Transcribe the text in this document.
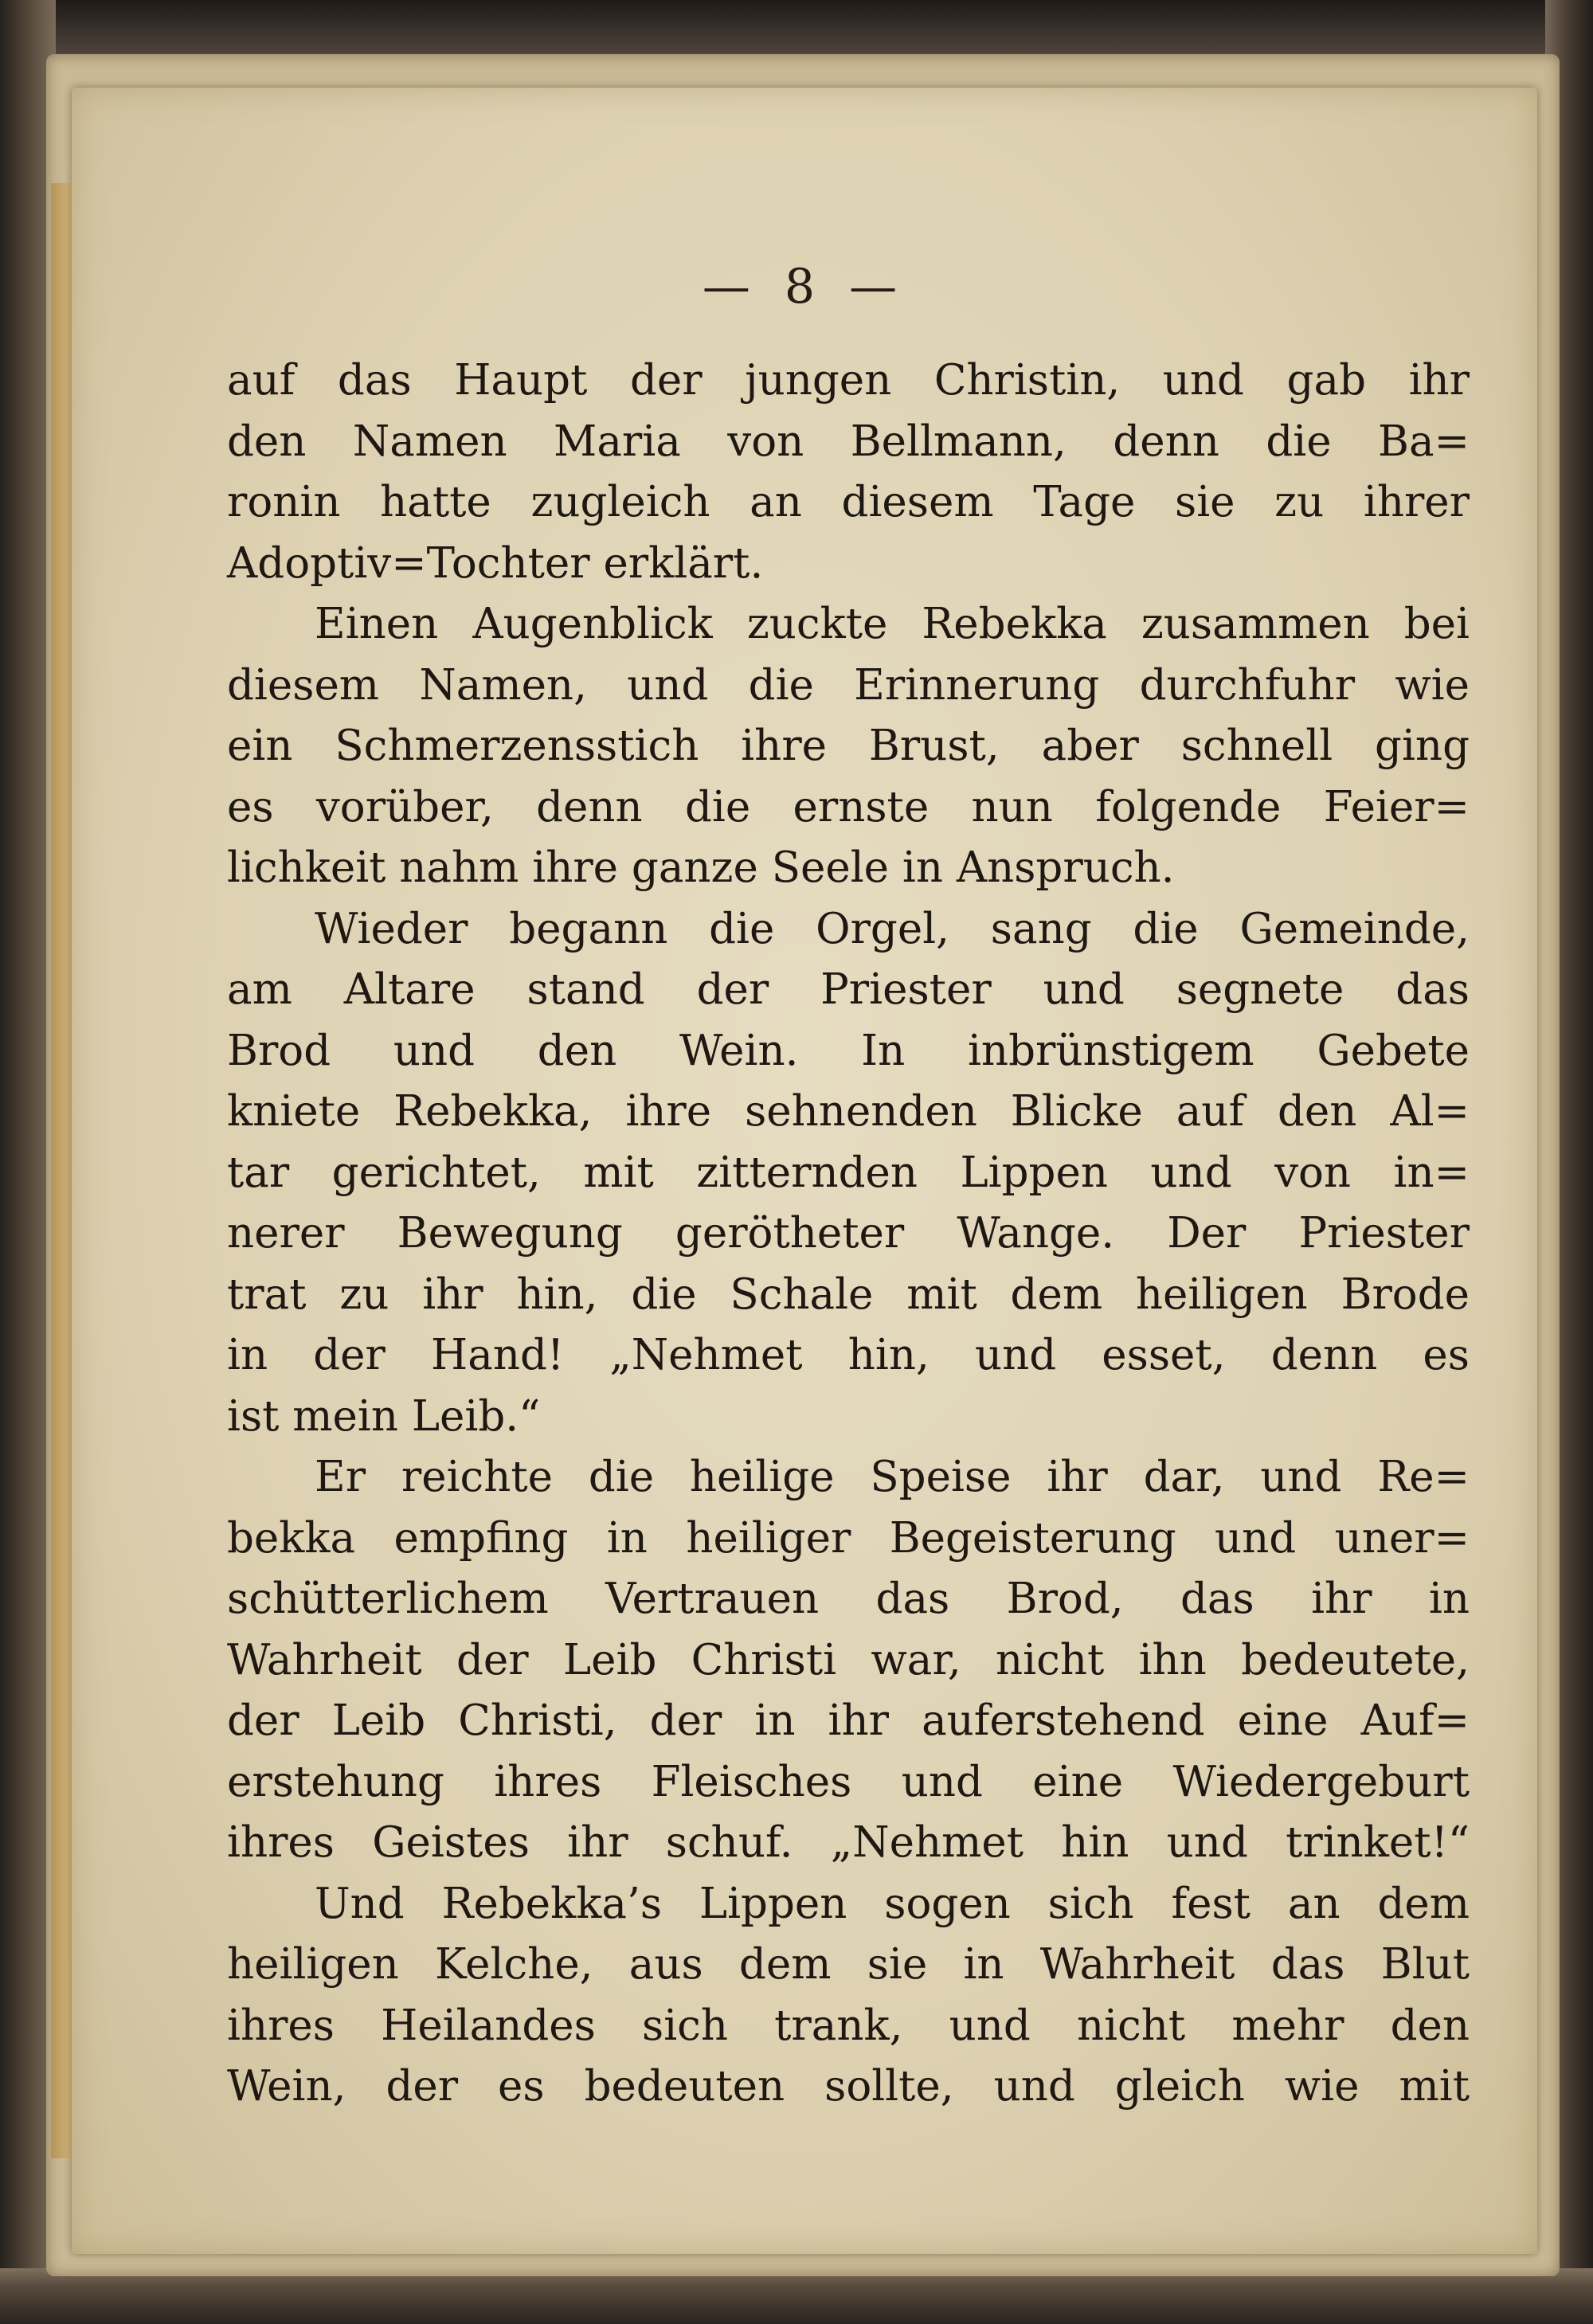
— 8 —
auf das Haupt der jungen Christin, und gab ihr
den Namen Maria von Bellmann, denn die Ba=
ronin hatte zugleich an diesem Tage sie zu ihrer
Adoptiv=Tochter erklärt.
Einen Augenblick zuckte Rebekka zusammen bei
diesem Namen, und die Erinnerung durchfuhr wie
ein Schmerzensstich ihre Brust, aber schnell ging
es vorüber, denn die ernste nun folgende Feier=
lichkeit nahm ihre ganze Seele in Anspruch.
Wieder begann die Orgel, sang die Gemeinde,
am Altare stand der Priester und segnete das
Brod und den Wein. In inbrünstigem Gebete
kniete Rebekka, ihre sehnenden Blicke auf den Al=
tar gerichtet, mit zitternden Lippen und von in=
nerer Bewegung gerötheter Wange. Der Priester
trat zu ihr hin, die Schale mit dem heiligen Brode
in der Hand! „Nehmet hin, und esset, denn es
ist mein Leib.“
Er reichte die heilige Speise ihr dar, und Re=
bekka empfing in heiliger Begeisterung und uner=
schütterlichem Vertrauen das Brod, das ihr in
Wahrheit der Leib Christi war, nicht ihn bedeutete,
der Leib Christi, der in ihr auferstehend eine Auf=
erstehung ihres Fleisches und eine Wiedergeburt
ihres Geistes ihr schuf. „Nehmet hin und trinket!“
Und Rebekka’s Lippen sogen sich fest an dem
heiligen Kelche, aus dem sie in Wahrheit das Blut
ihres Heilandes sich trank, und nicht mehr den
Wein, der es bedeuten sollte, und gleich wie mit
